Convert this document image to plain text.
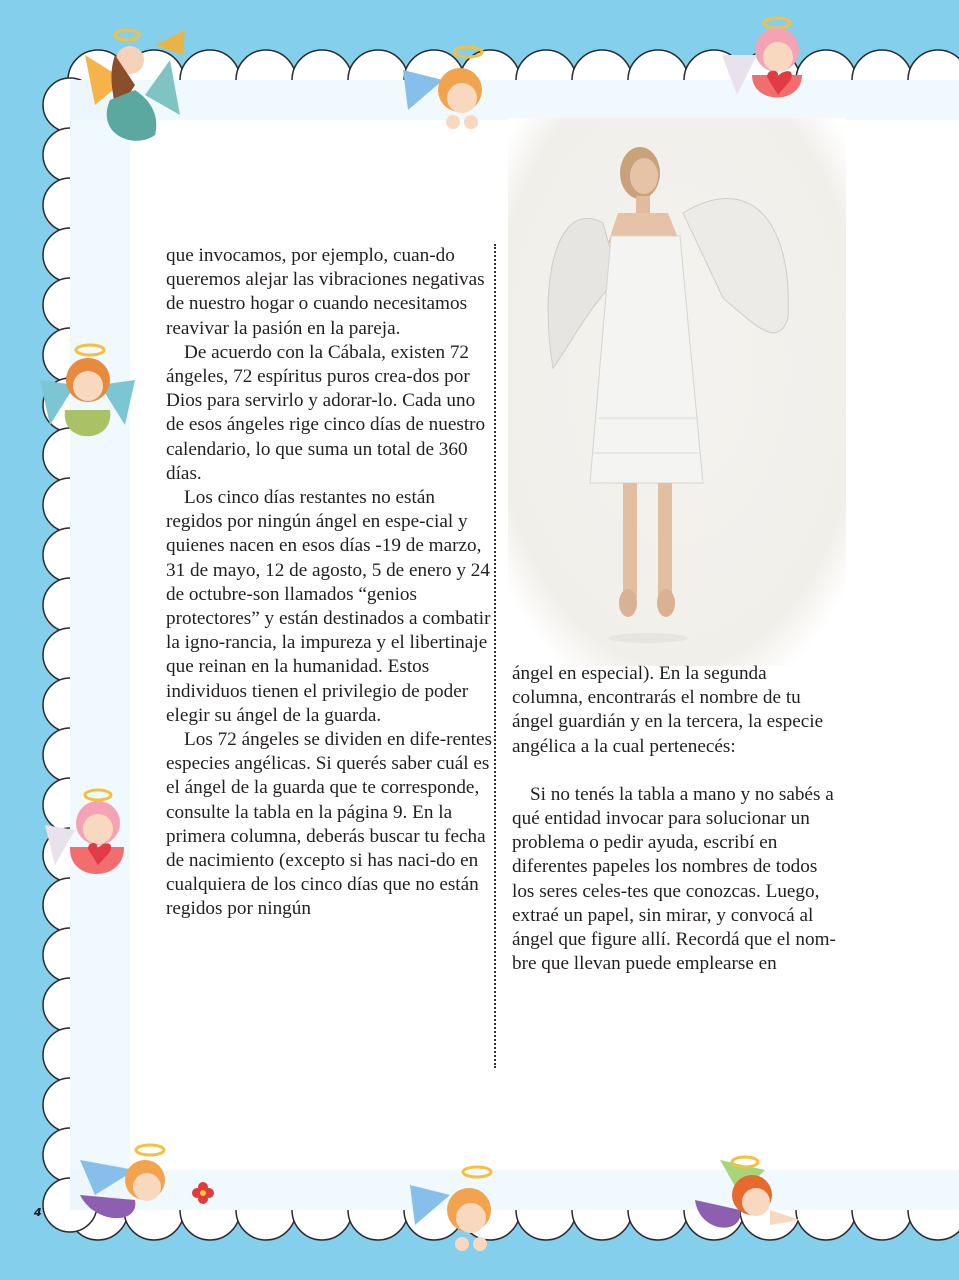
que invocamos, por ejemplo, cuan-do queremos alejar las vibraciones negativas de nuestro hogar o cuando necesitamos reavivar la pasión en la pareja.

De acuerdo con la Cábala, existen 72 ángeles, 72 espíritus puros crea-dos por Dios para servirlo y adorar-lo. Cada uno de esos ángeles rige cinco días de nuestro calendario, lo que suma un total de 360 días.

Los cinco días restantes no están regidos por ningún ángel en espe-cial y quienes nacen en esos días -19 de marzo, 31 de mayo, 12 de agosto, 5 de enero y 24 de octubre-son llamados “genios protectores” y están destinados a combatir la igno-rancia, la impureza y el libertinaje que reinan en la humanidad. Estos individuos tienen el privilegio de poder elegir su ángel de la guarda.

Los 72 ángeles se dividen en dife-rentes especies angélicas. Si querés saber cuál es el ángel de la guarda que te corresponde, consulte la tabla en la página 9. En la primera columna, deberás buscar tu fecha de nacimiento (excepto si has naci-do en cualquiera de los cinco días que no están regidos por ningún

ángel en especial). En la segunda columna, encontrarás el nombre de tu ángel guardián y en la tercera, la especie angélica a la cual pertenecés:

Si no tenés la tabla a mano y no sabés a qué entidad invocar para solucionar un problema o pedir ayuda, escribí en diferentes papeles los nombres de todos los seres celes-tes que conozcas. Luego, extraé un papel, sin mirar, y convocá al ángel que figure allí. Recordá que el nom-bre que llevan puede emplearse en

4
